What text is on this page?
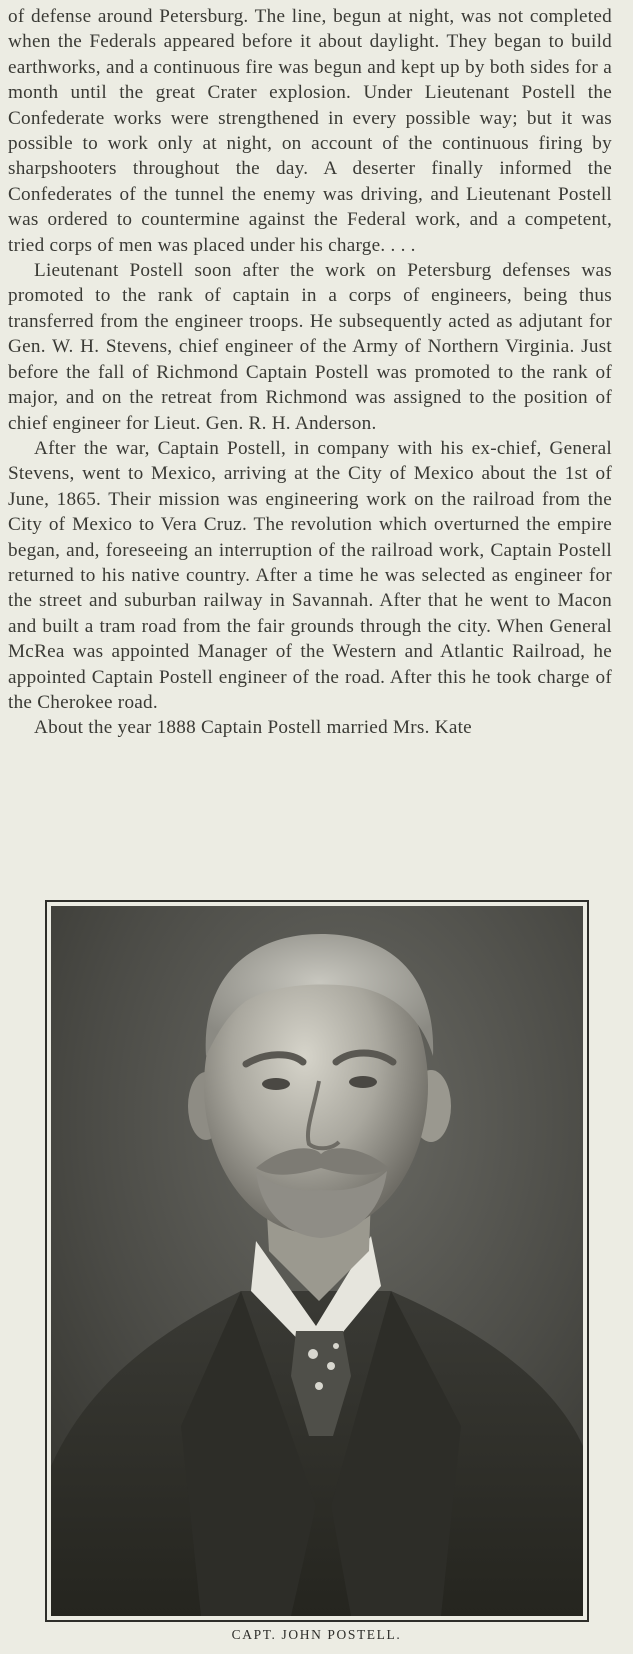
of defense around Petersburg. The line, begun at night, was not completed when the Federals appeared before it about daylight. They began to build earthworks, and a continuous fire was begun and kept up by both sides for a month until the great Crater explosion. Under Lieutenant Postell the Confederate works were strengthened in every possible way; but it was possible to work only at night, on account of the continuous firing by sharpshooters throughout the day. A deserter finally informed the Confederates of the tunnel the enemy was driving, and Lieutenant Postell was ordered to countermine against the Federal work, and a competent, tried corps of men was placed under his charge. . . .

Lieutenant Postell soon after the work on Petersburg defenses was promoted to the rank of captain in a corps of engineers, being thus transferred from the engineer troops. He subsequently acted as adjutant for Gen. W. H. Stevens, chief engineer of the Army of Northern Virginia. Just before the fall of Richmond Captain Postell was promoted to the rank of major, and on the retreat from Richmond was assigned to the position of chief engineer for Lieut. Gen. R. H. Anderson.

After the war, Captain Postell, in company with his ex-chief, General Stevens, went to Mexico, arriving at the City of Mexico about the 1st of June, 1865. Their mission was engineering work on the railroad from the City of Mexico to Vera Cruz. The revolution which overturned the empire began, and, foreseeing an interruption of the railroad work, Captain Postell returned to his native country. After a time he was selected as engineer for the street and suburban railway in Savannah. After that he went to Macon and built a tram road from the fair grounds through the city. When General McRea was appointed Manager of the Western and Atlantic Railroad, he appointed Captain Postell engineer of the road. After this he took charge of the Cherokee road.

About the year 1888 Captain Postell married Mrs. Kate

CAPT. JOHN POSTELL.
